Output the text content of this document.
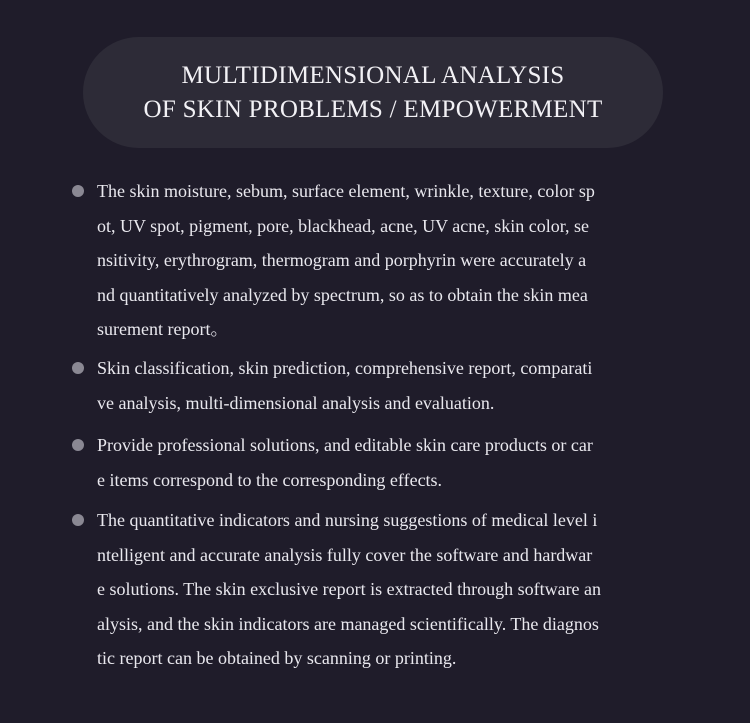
MULTIDIMENSIONAL ANALYSIS
OF SKIN PROBLEMS / EMPOWERMENT
The skin moisture, sebum, surface element, wrinkle, texture, color sp
ot, UV spot, pigment, pore, blackhead, acne, UV acne, skin color, se
nsitivity, erythrogram, thermogram and porphyrin were accurately a
nd quantitatively analyzed by spectrum, so as to obtain the skin mea
surement report。
Skin classification, skin prediction, comprehensive report, comparati
ve analysis, multi-dimensional analysis and evaluation.
Provide professional solutions, and editable skin care products or car
e items correspond to the corresponding effects.
The quantitative indicators and nursing suggestions of medical level i
ntelligent and accurate analysis fully cover the software and hardwar
e solutions. The skin exclusive report is extracted through software an
alysis, and the skin indicators are managed scientifically. The diagnos
tic report can be obtained by scanning or printing.
